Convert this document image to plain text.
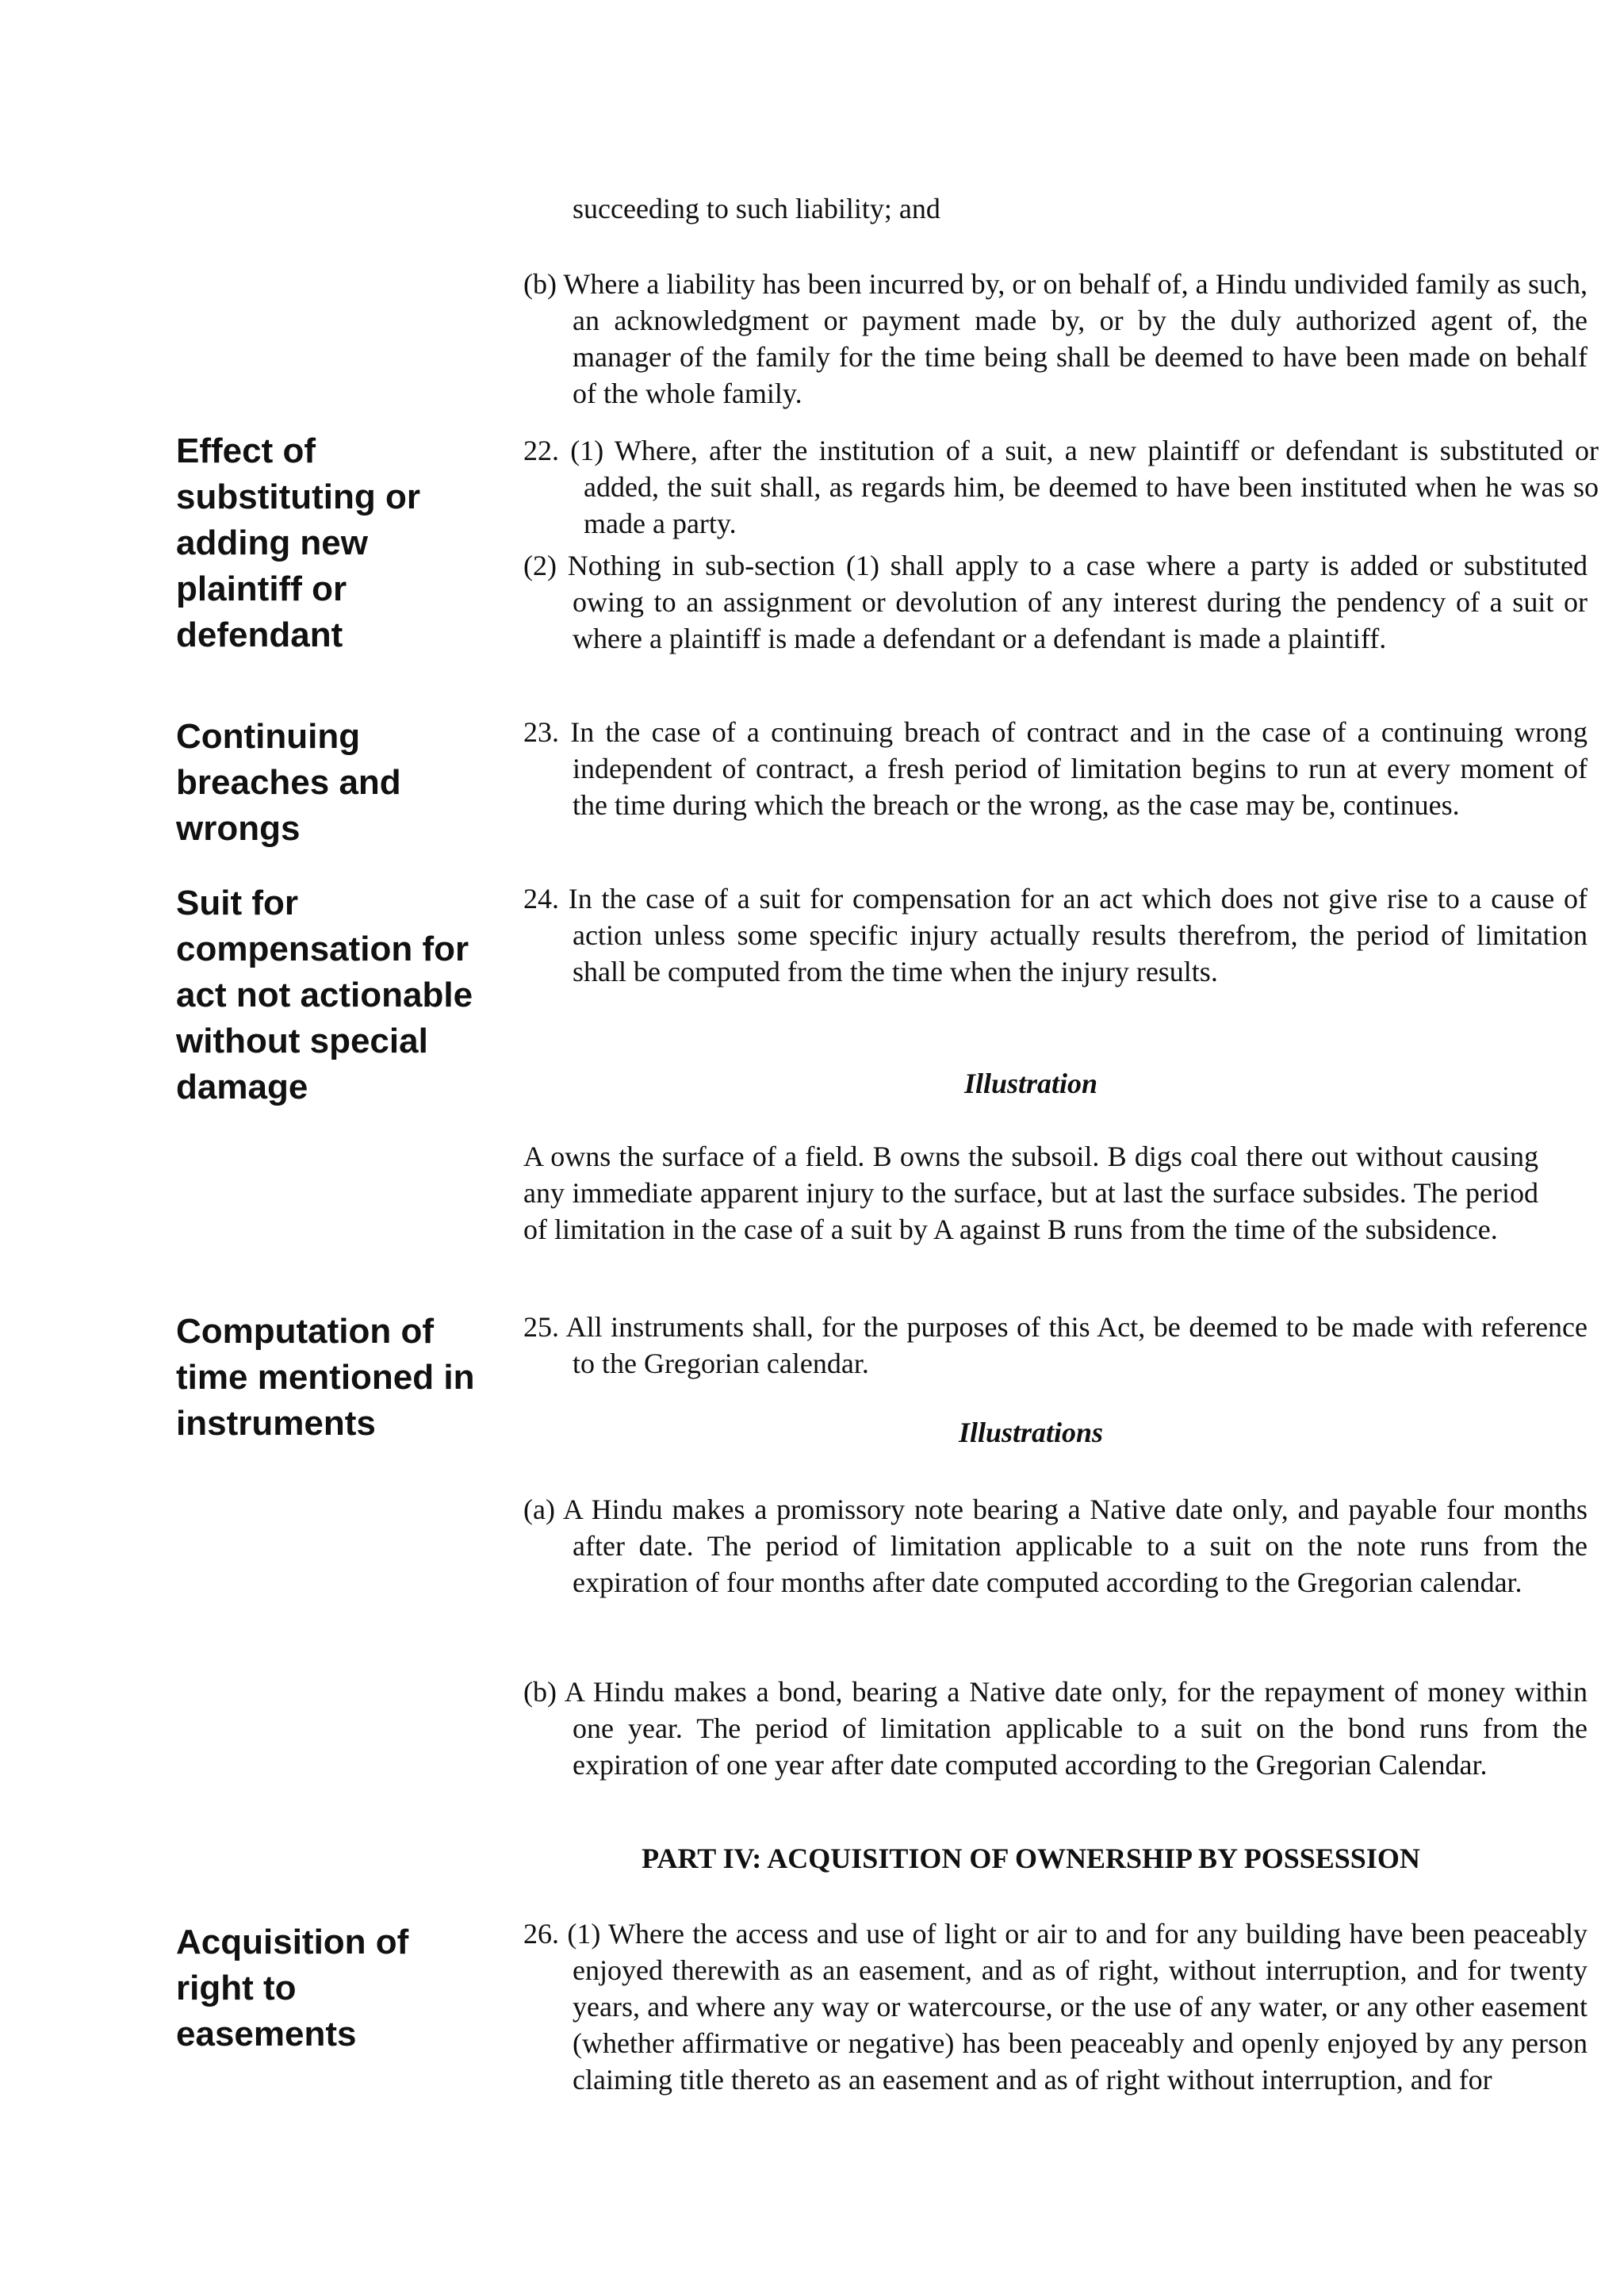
Effect of substituting or adding new plaintiff or defendant
Continuing breaches and wrongs
Suit for compensation for act not actionable without special damage
Computation of time mentioned in instruments
Acquisition of right to easements

succeeding to such liability; and

(b) Where a liability has been incurred by, or on behalf of, a Hindu undivided family as such, an acknowledgment or payment made by, or by the duly authorized agent of, the manager of the family for the time being shall be deemed to have been made on behalf of the whole family.

22. (1) Where, after the institution of a suit, a new plaintiff or defendant is substituted or added, the suit shall, as regards him, be deemed to have been instituted when he was so made a party.

(2) Nothing in sub-section (1) shall apply to a case where a party is added or substituted owing to an assignment or devolution of any interest during the pendency of a suit or where a plaintiff is made a defendant or a defendant is made a plaintiff.

23. In the case of a continuing breach of contract and in the case of a continuing wrong independent of contract, a fresh period of limitation begins to run at every moment of the time during which the breach or the wrong, as the case may be, continues.

24. In the case of a suit for compensation for an act which does not give rise to a cause of action unless some specific injury actually results therefrom, the period of limitation shall be computed from the time when the injury results.

Illustration

A owns the surface of a field. B owns the subsoil. B digs coal there out without causing any immediate apparent injury to the surface, but at last the surface subsides. The period of limitation in the case of a suit by A against B runs from the time of the subsidence.

25. All instruments shall, for the purposes of this Act, be deemed to be made with reference to the Gregorian calendar.

Illustrations

(a) A Hindu makes a promissory note bearing a Native date only, and payable four months after date. The period of limitation applicable to a suit on the note runs from the expiration of four months after date computed according to the Gregorian calendar.

(b) A Hindu makes a bond, bearing a Native date only, for the repayment of money within one year. The period of limitation applicable to a suit on the bond runs from the expiration of one year after date computed according to the Gregorian Calendar.

PART IV: ACQUISITION OF OWNERSHIP BY POSSESSION

26. (1) Where the access and use of light or air to and for any building have been peaceably enjoyed therewith as an easement, and as of right, without interruption, and for twenty years, and where any way or watercourse, or the use of any water, or any other easement (whether affirmative or negative) has been peaceably and openly enjoyed by any person claiming title thereto as an easement and as of right without interruption, and for
